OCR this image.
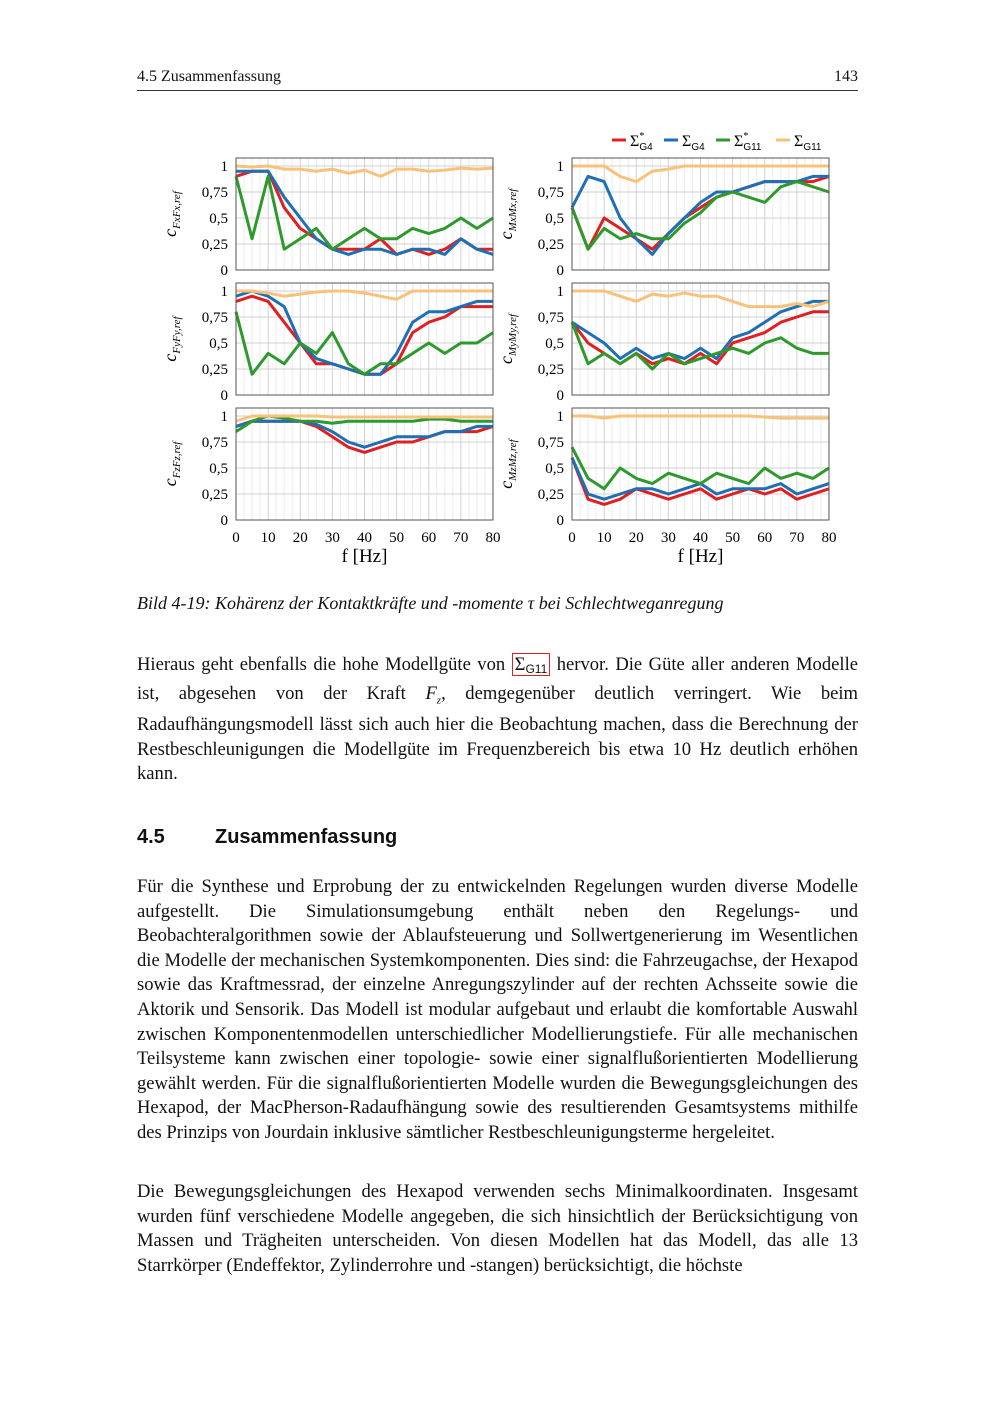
4.5 Zusammenfassung	143
0
0,25
0,5
0,75
1
$c_{FxFx,ref}$
0
0,25
0,5
0,75
1
$c_{MxMx,ref}$
0
0,25
0,5
0,75
1
$c_{FyFy,ref}$
0
0,25
0,5
0,75
1
$c_{MyMy,ref}$
0
0,25
0,5
0,75
1
$c_{FzFz,ref}$
0 10 20 30 40 50 60 70 80
f [Hz]
0
0,25
0,5
0,75
1
$c_{MzMz,ref}$
0 10 20 30 40 50 60 70 80
f [Hz]
Σ* G4 $\Sigma_{G4}$ Σ* G11 $\Sigma_{G11}$
Bild 4-19: Kohärenz der Kontaktkräfte und -momente τ bei Schlechtweganregung

Hieraus geht ebenfalls die hohe Modellgüte von $\Sigma_{G11}$ hervor. Die Güte aller anderen Modelle ist, abgesehen von der Kraft $F_z$, demgegenüber deutlich verringert. Wie beim Radaufhängungsmodell lässt sich auch hier die Beobachtung machen, dass die Berechnung der Restbeschleunigungen die Modellgüte im Frequenzbereich bis etwa 10 Hz deutlich erhöhen kann.

4.5	Zusammenfassung

Für die Synthese und Erprobung der zu entwickelnden Regelungen wurden diverse Modelle aufgestellt. Die Simulationsumgebung enthält neben den Regelungs- und Beobachteralgorithmen sowie der Ablaufsteuerung und Sollwertgenerierung im Wesentlichen die Modelle der mechanischen Systemkomponenten. Dies sind: die Fahrzeugachse, der Hexapod sowie das Kraftmessrad, der einzelne Anregungszylinder auf der rechten Achsseite sowie die Aktorik und Sensorik. Das Modell ist modular aufgebaut und erlaubt die komfortable Auswahl zwischen Komponentenmodellen unterschiedlicher Modellierungstiefe. Für alle mechanischen Teilsysteme kann zwischen einer topologie- sowie einer signalflußorientierten Modellierung gewählt werden. Für die signalflußorientierten Modelle wurden die Bewegungsgleichungen des Hexapod, der MacPherson-Radaufhängung sowie des resultierenden Gesamtsystems mithilfe des Prinzips von Jourdain inklusive sämtlicher Restbeschleunigungsterme hergeleitet.

Die Bewegungsgleichungen des Hexapod verwenden sechs Minimalkoordinaten. Insgesamt wurden fünf verschiedene Modelle angegeben, die sich hinsichtlich der Berücksichtigung von Massen und Trägheiten unterscheiden. Von diesen Modellen hat das Modell, das alle 13 Starrkörper (Endeffektor, Zylinderrohre und -stangen) berücksichtigt, die höchste
